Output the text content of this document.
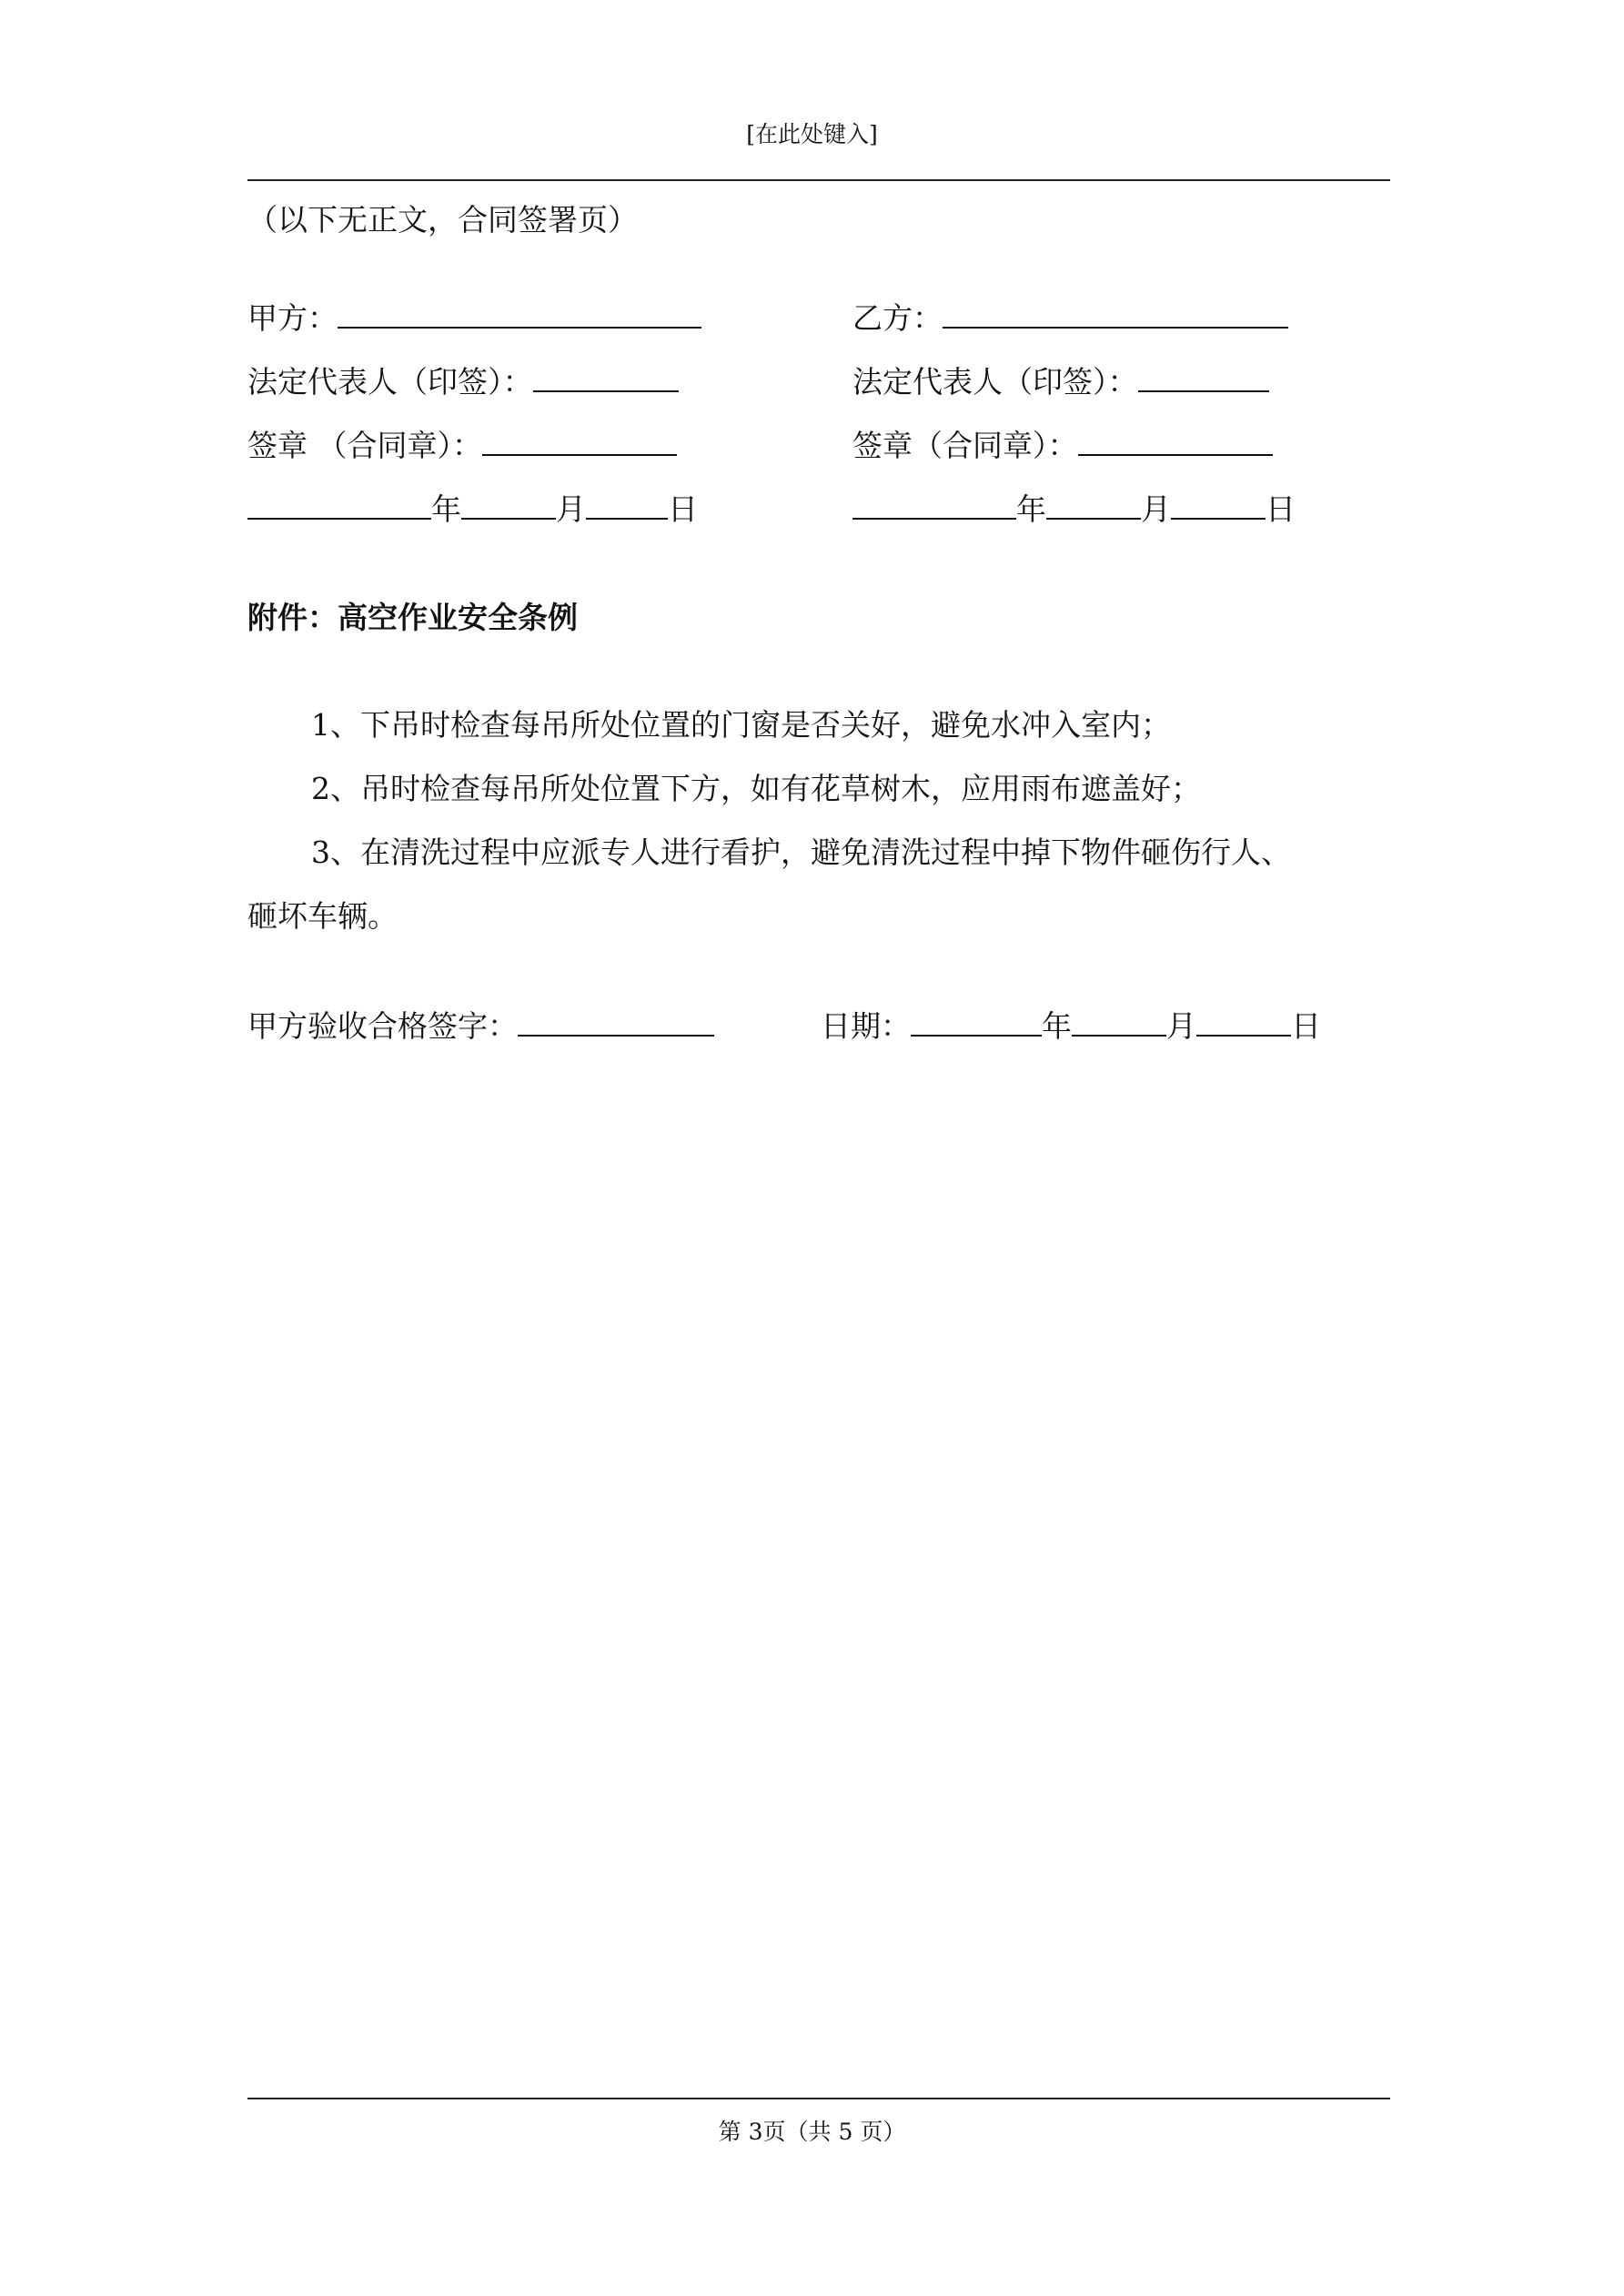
[在此处键入]
（以下无正文，合同签署页）
甲方：
法定代表人（印签）：
签章 （合同章）：
年	月	日
乙方：
法定代表人（印签）：
签章（合同章）：
年	月	日
附件：高空作业安全条例
1、下吊时检查每吊所处位置的门窗是否关好，避免水冲入室内；
2、吊时检查每吊所处位置下方，如有花草树木，应用雨布遮盖好；
3、在清洗过程中应派专人进行看护，避免清洗过程中掉下物件砸伤行人、
砸坏车辆。
甲方验收合格签字：	日期：	年	月	日
第 3页（共 5 页）
